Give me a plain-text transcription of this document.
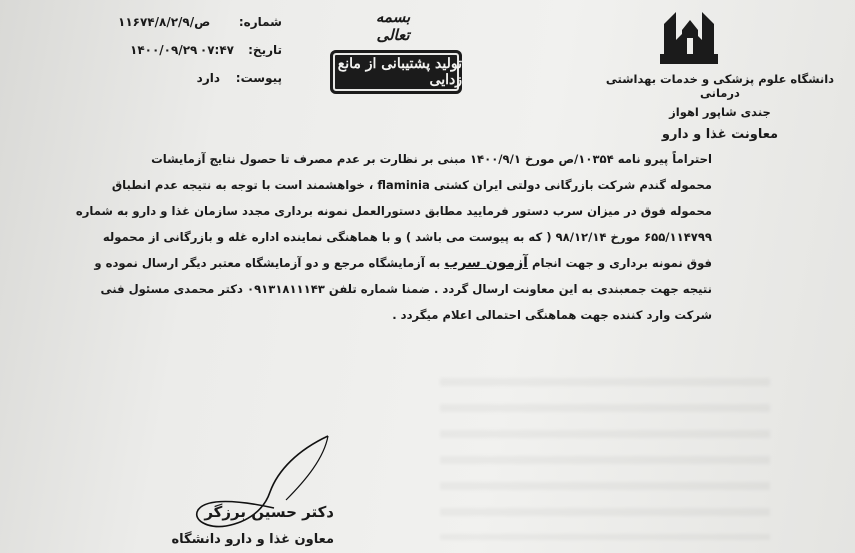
شماره:
۱۱۶۷۴/ص/۸/۲/۹
تاریخ:
۰۷:۴۷
۱۴۰۰/۰۹/۲۹
پیوست:
دارد
بسمه تعالی
تولید پشتیبانی از مانع زدایی	دانشگاه علوم پزشکی و خدمات بهداشتی درمانی
جندی شاپور اهواز
معاونت غذا و دارو
احتراماً پیرو نامه ۱۰۳۵۴/ص مورخ ۱۴۰۰/۹/۱ مبنی بر نظارت بر عدم مصرف تا حصول نتایج آزمایشات
محموله گندم شرکت بازرگانی دولتی ایران کشتی flaminia ، خواهشمند است با توجه به نتیجه عدم انطباق
محموله فوق در میزان سرب دستور فرمایید مطابق دستورالعمل نمونه برداری مجدد سازمان غذا و دارو به شماره
۶۵۵/۱۱۴۷۹۹ مورخ ۹۸/۱۲/۱۴ ( که به پیوست می باشد ) و با هماهنگی نماینده اداره غله و بازرگانی از محموله
فوق نمونه برداری و جهت انجام آزمون سرب به آزمایشگاه مرجع و دو آزمایشگاه معتبر دیگر ارسال نموده و
نتیجه جهت جمعبندی به این معاونت ارسال گردد . ضمنا شماره تلفن ۰۹۱۳۱۸۱۱۱۴۳ دکتر محمدی مسئول فنی
شرکت وارد کننده جهت هماهنگی احتمالی اعلام میگردد .
دکتر حسین برزگر
معاون غذا و دارو دانشگاه
